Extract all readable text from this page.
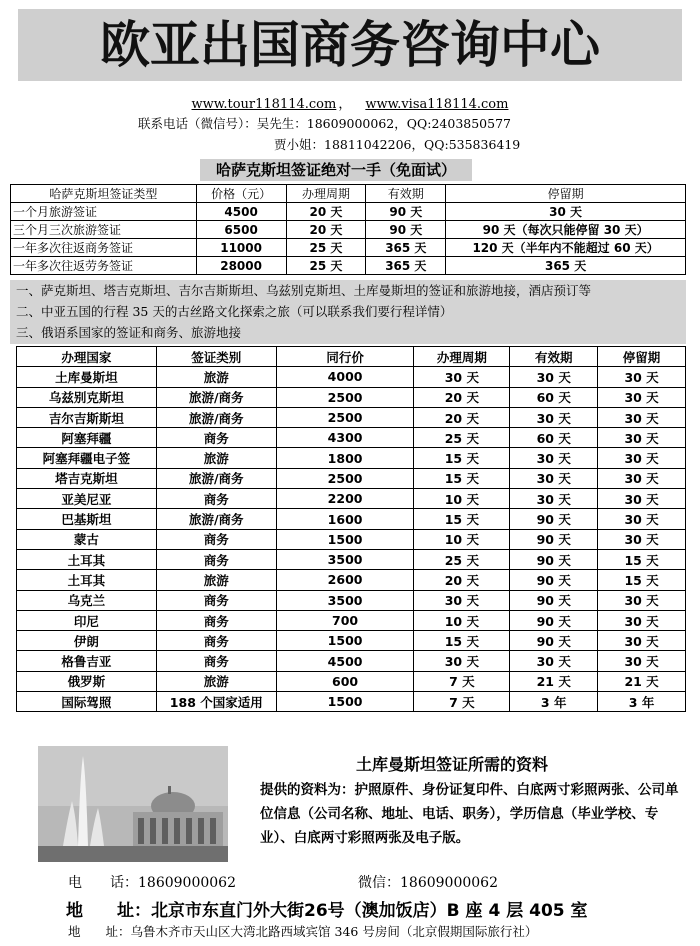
欧亚出国商务咨询中心
www.tour118114.com ， www.visa118114.com
联系电话（微信号）：吴先生：18609000062，QQ:2403850577
贾小姐：18811042206，QQ:535836419
哈萨克斯坦签证绝对一手（免面试）
哈萨克斯坦签证类型	价格（元）	办理周期	有效期	停留期
一个月旅游签证	4500	20 天	90 天	30 天
三个月三次旅游签证	6500	20 天	90 天	90 天（每次只能停留 30 天）
一年多次往返商务签证	11000	25 天	365 天	120 天（半年内不能超过 60 天）
一年多次往返劳务签证	28000	25 天	365 天	365 天
一、萨克斯坦、塔吉克斯坦、吉尔吉斯斯坦、乌兹别克斯坦、土库曼斯坦的签证和旅游地接，酒店预订等
二、中亚五国的行程 35 天的古丝路文化探索之旅（可以联系我们要行程详情）
三、俄语系国家的签证和商务、旅游地接
办理国家	签证类别	同行价	办理周期	有效期	停留期
土库曼斯坦	旅游	4000	30 天	30 天	30 天
乌兹别克斯坦	旅游/商务	2500	20 天	60 天	30 天
吉尔吉斯斯坦	旅游/商务	2500	20 天	30 天	30 天
阿塞拜疆	商务	4300	25 天	60 天	30 天
阿塞拜疆电子签	旅游	1800	15 天	30 天	30 天
塔吉克斯坦	旅游/商务	2500	15 天	30 天	30 天
亚美尼亚	商务	2200	10 天	30 天	30 天
巴基斯坦	旅游/商务	1600	15 天	90 天	30 天
蒙古	商务	1500	10 天	90 天	30 天
土耳其	商务	3500	25 天	90 天	15 天
土耳其	旅游	2600	20 天	90 天	15 天
乌克兰	商务	3500	30 天	90 天	30 天
印尼	商务	700	10 天	90 天	30 天
伊朗	商务	1500	15 天	90 天	30 天
格鲁吉亚	商务	4500	30 天	30 天	30 天
俄罗斯	旅游	600	7 天	21 天	21 天
国际驾照	188 个国家适用	1500	7 天	3 年	3 年
土库曼斯坦签证所需的资料
提供的资料为：护照原件、身份证复印件、白底两寸彩照两张、公司单位信息（公司名称、地址、电话、职务），学历信息（毕业学校、专业）、白底两寸彩照两张及电子版。
电　　话：18609000062	微信：18609000062
地　　址：北京市东直门外大街26号（澳加饭店）B 座 4 层 405 室
地　　址：乌鲁木齐市天山区大湾北路西域宾馆 346 号房间（北京假期国际旅行社）
